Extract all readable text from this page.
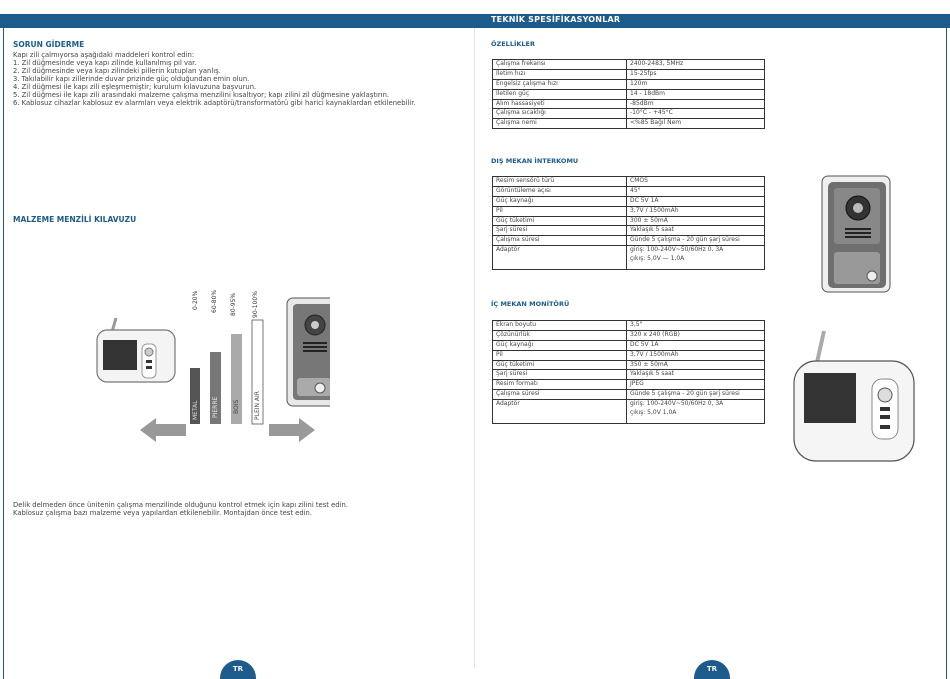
TEKNİK SPESİFİKASYONLAR
SORUN GİDERME

Kapı zili çalmıyorsa aşağıdaki maddeleri kontrol edin:

1. Zil düğmesinde veya kapı zilinde kullanılmış pil var.

2. Zil düğmesinde veya kapı zilindeki pillerin kutupları yanlış.

3. Takılabilir kapı zillerinde duvar prizinde güç olduğundan emin olun.

4. Zil düğmesi ile kapı zili eşleşmemiştir; kurulum kılavuzuna başvurun.

5. Zil düğmesi ile kapı zili arasındaki malzeme çalışma menzilini kısaltıyor; kapı zilini zil düğmesine yaklaştırın.

6. Kablosuz cihazlar kablosuz ev alarmları veya elektrik adaptörü/transformatörü gibi harici kaynaklardan etkilenebilir.

MALZEME MENZİLİ KILAVUZU
0-20% 60-80% 80-95%	90-100%
METAL PIERRE BOIS PLEIN AIR

Delik delmeden önce ünitenin çalışma menzilinde olduğunu kontrol etmek için kapı zilini test edin.

Kablosuz çalışma bazı malzeme veya yapılardan etkilenebilir. Montajdan önce test edin.

TR
ÖZELLİKLER
Çalışma frekansı	2400-2483, 5MHz
İletim hızı	15-25fps
Engelsiz çalışma hızı	120m
İletilen güç	14 - 18dBm
Alım hassasiyeti	-85dBm
Çalışma sıcaklığı	-10°C - +45°C
Çalışma nemi	<%85 Bağıl Nem
DIŞ MEKAN İNTERKOMU
Resim sensörü türü	CMOS
Görüntüleme açısı	45°
Güç kaynağı	DC 5V 1A
Pil	3,7V / 1500mAh
Güç tüketimi	300 ± 50mA
Şarj süresi	Yaklaşık 5 saat
Çalışma süresi	Günde 5 çalışma - 20 gün şarj süresi
Adaptör	giriş: 100-240V~50/60Hz 0, 3A
çıkış: 5,0V — 1,0A
İÇ MEKAN MONİTÖRÜ
Ekran boyutu	3,5"
Çözünürlük	320 x 240 (RGB)
Güç kaynağı	DC 5V 1A
Pil	3,7V / 1500mAh
Güç tüketimi	350 ± 50mA
Şarj süresi	Yaklaşık 5 saat
Resim formatı	JPEG
Çalışma süresi	Günde 5 çalışma - 20 gün şarj süresi
Adaptör	giriş: 100-240V~50/60Hz 0, 3A
çıkış: 5,0V 1,0A
TR
